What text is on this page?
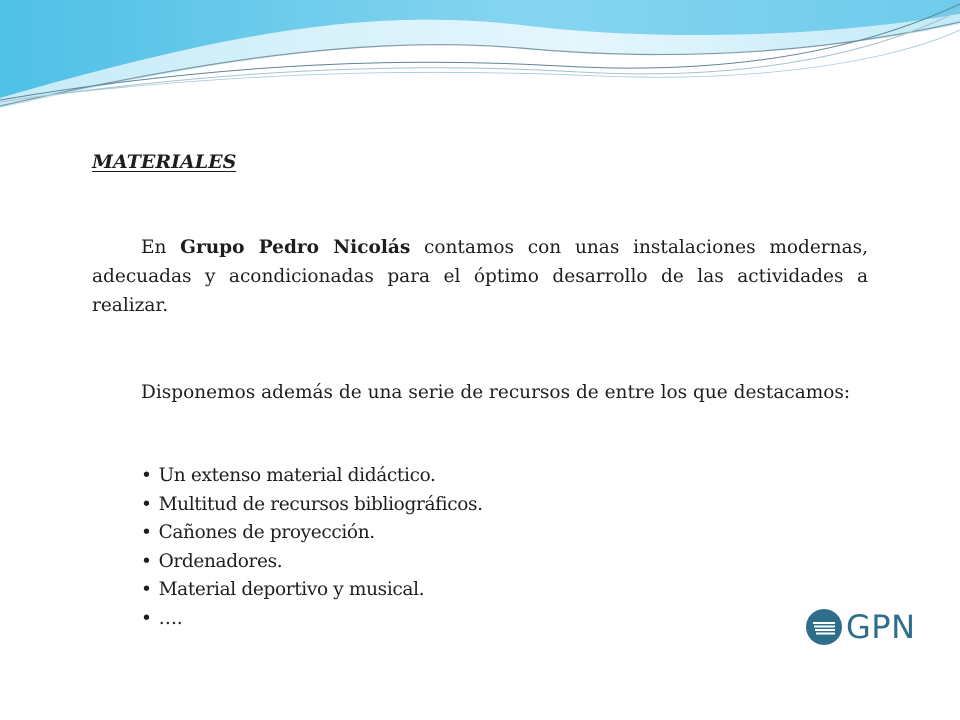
MATERIALES

En Grupo Pedro Nicolás contamos con unas instalaciones modernas, adecuadas y acondicionadas para el óptimo desarrollo de las actividades a realizar.

Disponemos además de una serie de recursos de entre los que destacamos:

• Un extenso material didáctico.
• Multitud de recursos bibliográficos.
• Cañones de proyección.
• Ordenadores.
• Material deportivo y musical.
• ….	GPN
